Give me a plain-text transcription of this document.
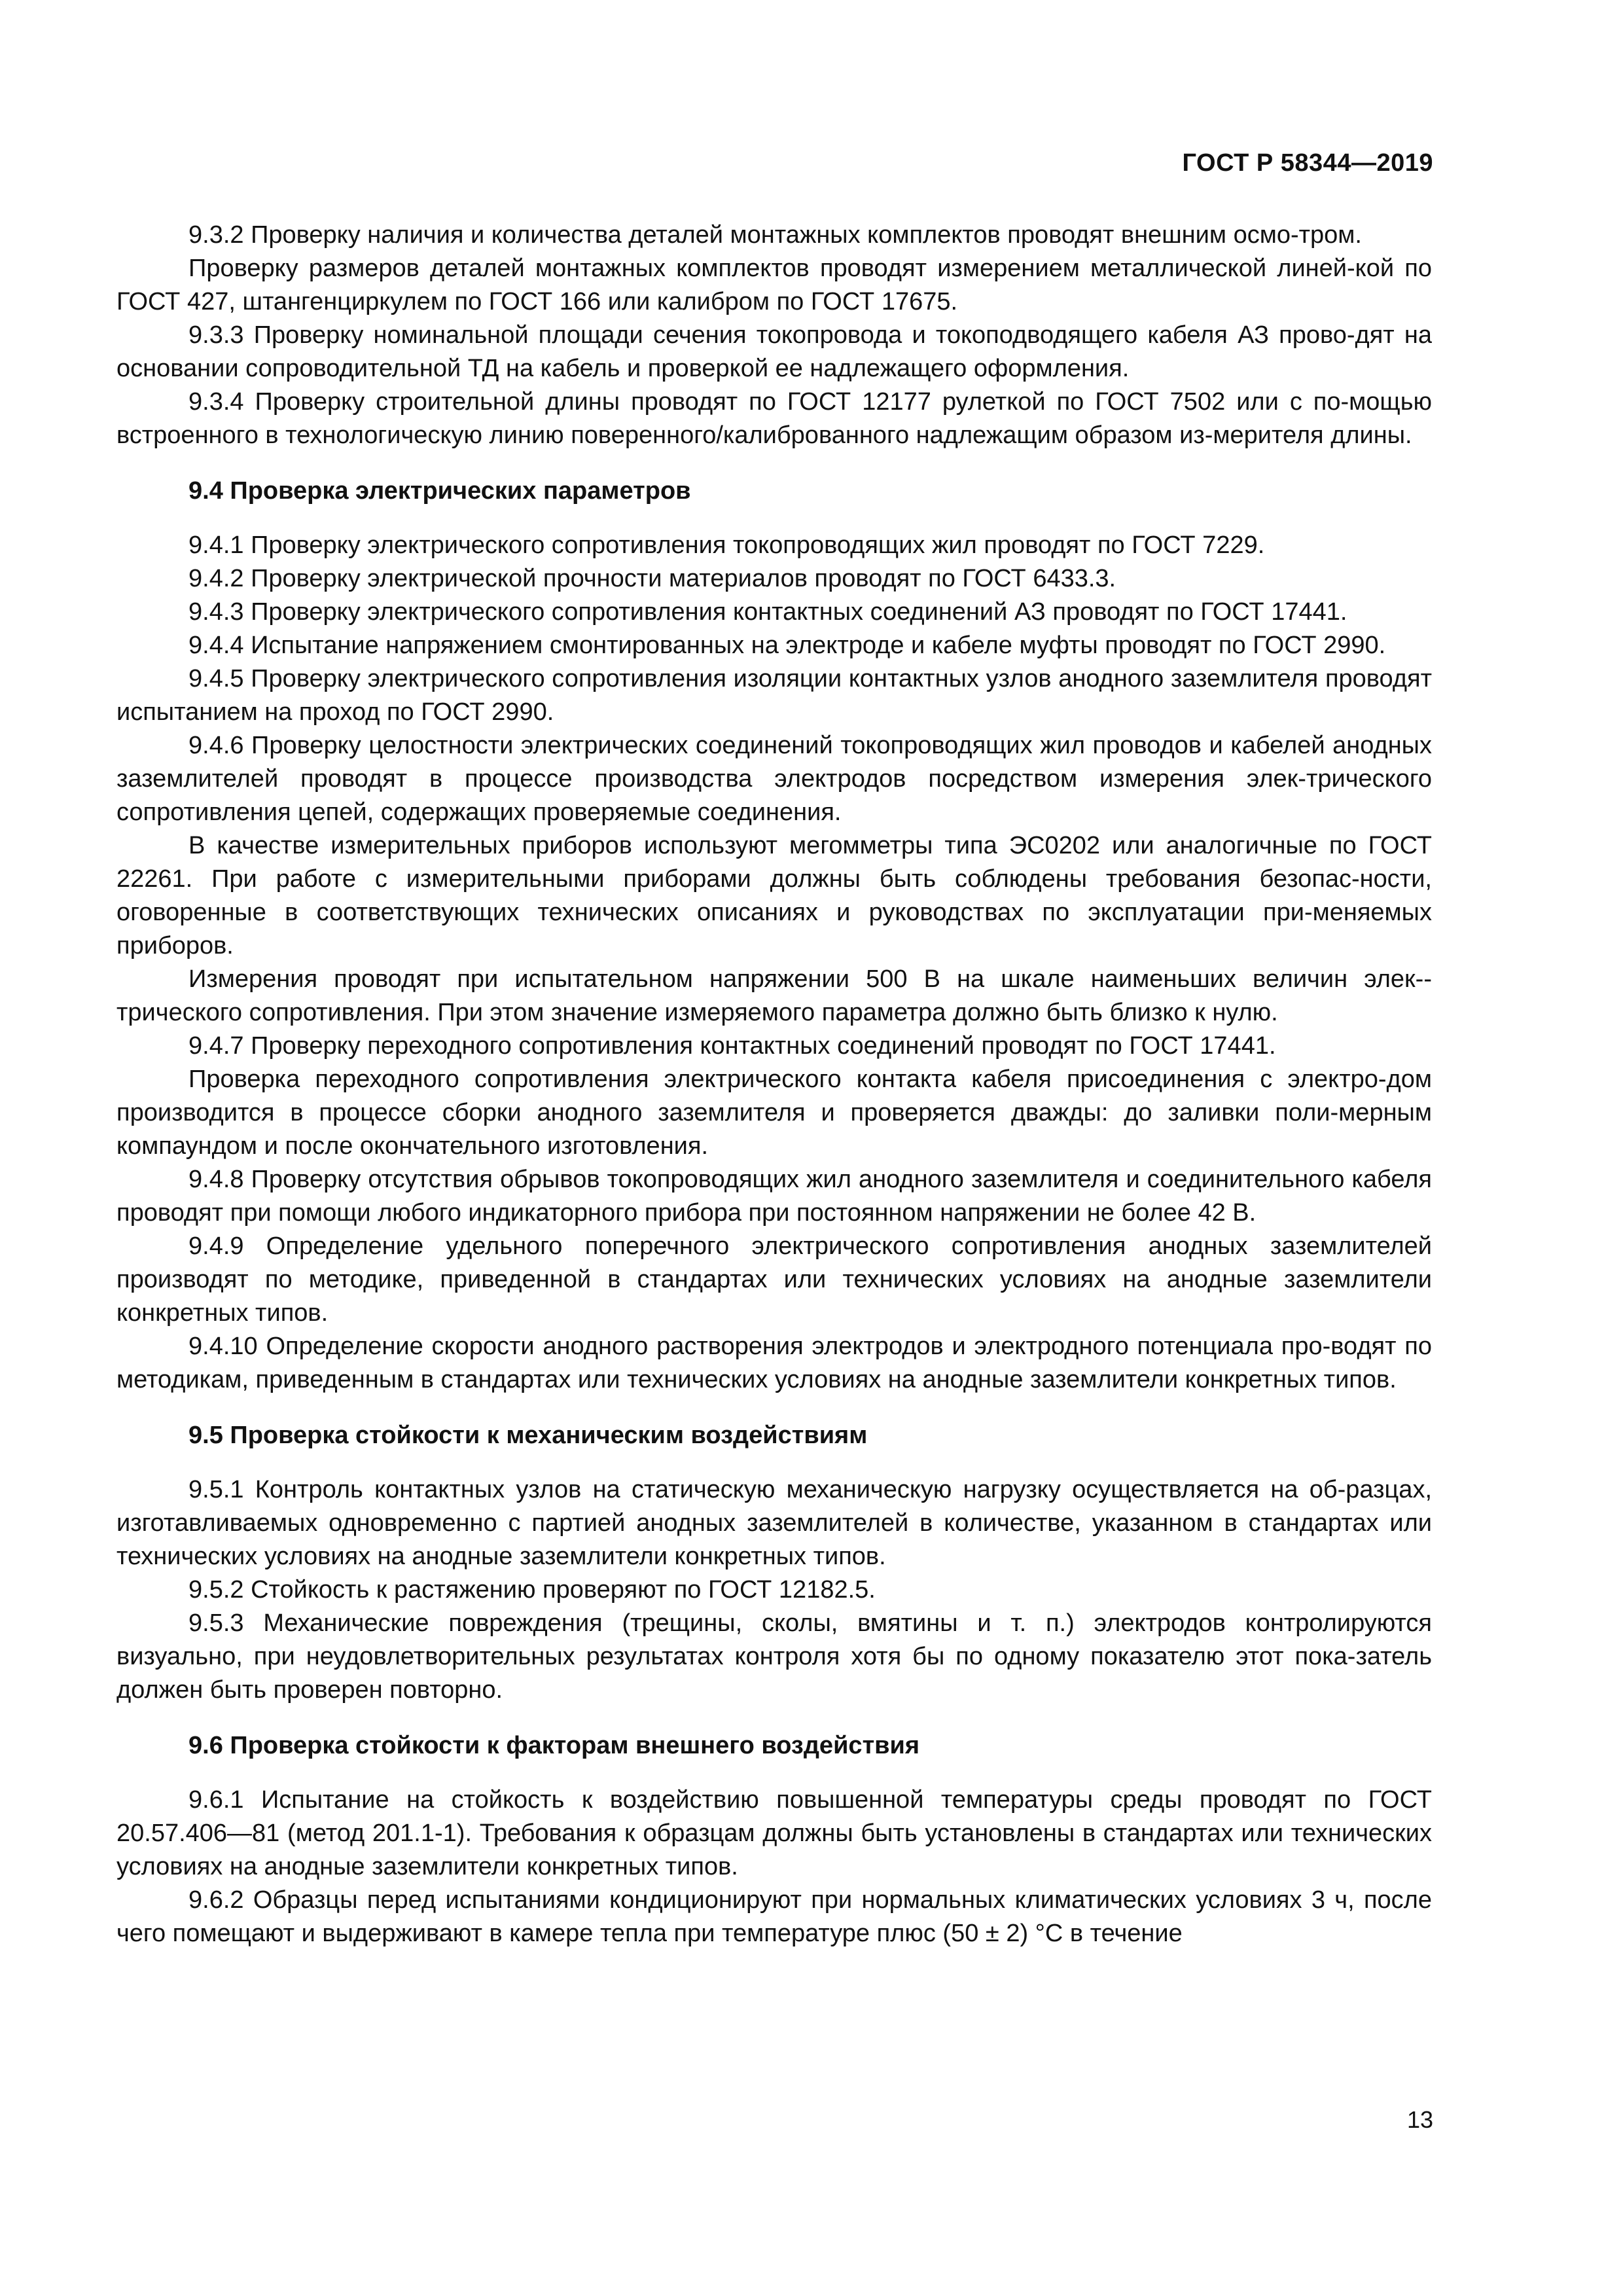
ГОСТ Р 58344—2019

9.3.2 Проверку наличия и количества деталей монтажных комплектов проводят внешним осмо-тром.

Проверку размеров деталей монтажных комплектов проводят измерением металлической линей-кой по ГОСТ 427, штангенциркулем по ГОСТ 166 или калибром по ГОСТ 17675.

9.3.3 Проверку номинальной площади сечения токопровода и токоподводящего кабеля АЗ прово-дят на основании сопроводительной ТД на кабель и проверкой ее надлежащего оформления.

9.3.4 Проверку строительной длины проводят по ГОСТ 12177 рулеткой по ГОСТ 7502 или с по-мощью встроенного в технологическую линию поверенного/калиброванного надлежащим образом из-мерителя длины.

9.4 Проверка электрических параметров

9.4.1 Проверку электрического сопротивления токопроводящих жил проводят по ГОСТ 7229.

9.4.2 Проверку электрической прочности материалов проводят по ГОСТ 6433.3.

9.4.3 Проверку электрического сопротивления контактных соединений АЗ проводят по ГОСТ 17441.

9.4.4 Испытание напряжением смонтированных на электроде и кабеле муфты проводят по ГОСТ 2990.

9.4.5 Проверку электрического сопротивления изоляции контактных узлов анодного заземлителя проводят испытанием на проход по ГОСТ 2990.

9.4.6 Проверку целостности электрических соединений токопроводящих жил проводов и кабелей анодных заземлителей проводят в процессе производства электродов посредством измерения элек-трического сопротивления цепей, содержащих проверяемые соединения.

В качестве измерительных приборов используют мегомметры типа ЭС0202 или аналогичные по ГОСТ 22261. При работе с измерительными приборами должны быть соблюдены требования безопас-ности, оговоренные в соответствующих технических описаниях и руководствах по эксплуатации при-меняемых приборов.

Измерения проводят при испытательном напряжении 500 В на шкале наименьших величин элек-трического сопротивления. При этом значение измеряемого параметра должно быть близко к нулю.

9.4.7 Проверку переходного сопротивления контактных соединений проводят по ГОСТ 17441.

Проверка переходного сопротивления электрического контакта кабеля присоединения с электро-дом производится в процессе сборки анодного заземлителя и проверяется дважды: до заливки поли-мерным компаундом и после окончательного изготовления.

9.4.8 Проверку отсутствия обрывов токопроводящих жил анодного заземлителя и соединительного кабеля проводят при помощи любого индикаторного прибора при постоянном напряжении не более 42 В.

9.4.9 Определение удельного поперечного электрического сопротивления анодных заземлителей производят по методике, приведенной в стандартах или технических условиях на анодные заземлители конкретных типов.

9.4.10 Определение скорости анодного растворения электродов и электродного потенциала про-водят по методикам, приведенным в стандартах или технических условиях на анодные заземлители конкретных типов.

9.5 Проверка стойкости к механическим воздействиям

9.5.1 Контроль контактных узлов на статическую механическую нагрузку осуществляется на об-разцах, изготавливаемых одновременно с партией анодных заземлителей в количестве, указанном в стандартах или технических условиях на анодные заземлители конкретных типов.

9.5.2 Стойкость к растяжению проверяют по ГОСТ 12182.5.

9.5.3 Механические повреждения (трещины, сколы, вмятины и т. п.) электродов контролируются визуально, при неудовлетворительных результатах контроля хотя бы по одному показателю этот пока-затель должен быть проверен повторно.

9.6 Проверка стойкости к факторам внешнего воздействия

9.6.1 Испытание на стойкость к воздействию повышенной температуры среды проводят по ГОСТ 20.57.406—81 (метод 201.1-1). Требования к образцам должны быть установлены в стандартах или технических условиях на анодные заземлители конкретных типов.

9.6.2 Образцы перед испытаниями кондиционируют при нормальных климатических условиях 3 ч, после чего помещают и выдерживают в камере тепла при температуре плюс (50 ± 2) °С в течение

13
